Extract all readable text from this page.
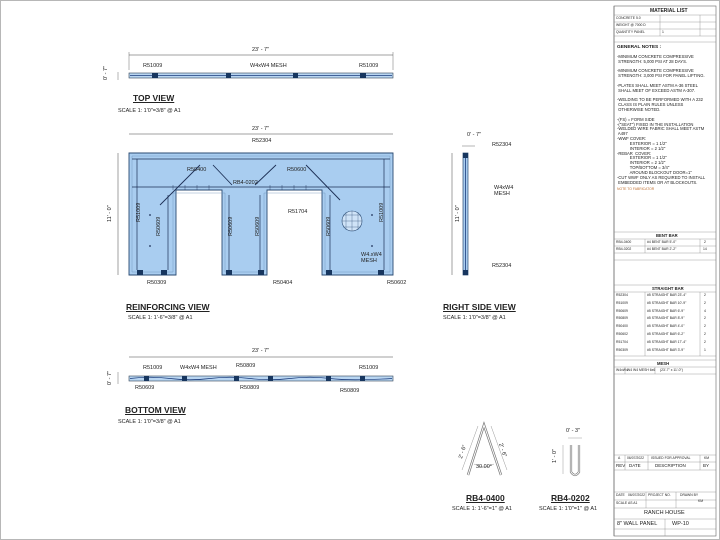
23' - 7"
0' - 7"	R51009	W4xW4 MESH	R51009
TOP VIEW
SCALE 1: 1'0"=3/8" @ A1
23' - 7"
11' - 0"
R52304
R50400
RB4-0202
R50600
R51704
R51009	R51009
R50609	R50609	R50609	R50609
W4.xW4
MESH
R50309	R50404	R50602
REINFORCING VIEW
SCALE 1: 1'-6"=3/8" @ A1
0' - 7"
11' - 0"
R52304
W4xW4
MESH
R52304
RIGHT SIDE VIEW
SCALE 1: 1'0"=3/8" @ A1
23' - 7"
0' - 7"
R51009	W4xW4 MESH	R50809	R51009
R50609	R50809	R50809
BOTTOM VIEW
SCALE 1: 1'0"=3/8" @ A1
2' - 6"	2' - 6"
30.00°
RB4-0400
SCALE 1: 1'-6"=1" @ A1
0' - 3"
1' - 0"
RB4-0202
SCALE 1: 1'0"=1" @ A1
MATERIAL LIST
CONCRETE 5.0
WEIGHT @ 7000 D
QUANTITY PANEL	1
GENERAL NOTES :
-MINIMUM CONCRETE COMPRESSIVE
STRENGTH: 5,000 PSI AT 28 DAYS.

-MINIMUM CONCRETE COMPRESSIVE
STRENGTH: 3,000 PSI FOR PANEL LIFTING.

-PLATES SHALL MEET ASTM A-36 STEEL
SHALL MEET OF EXCEED ASTM A-307.

-WELDING TO BE PERFORMED WITH A 232
CLASS IS PLAIN RULES UNLESS
OTHERWISE NOTED.

-(FS) = FORM SIDE
-("SEAT") FIXED IN THE INSTALLATION
-WELDED WIRE FABRIC SHALL MEET ASTM
A497
-WWF COVER:
EXTERIOR = 1 1/2"
INTERIOR = 2 1/2"
-REBAR  COVER:
EXTERIOR = 1 1/2"
INTERIOR = 2 1/2"
TOP/BOTTOM = 3/4"
AROUND BLOCKOUT DOOR=1"
-CUT WWF ONLY AS REQUIRED TO INSTALL
EMBEDDED ITEMS OR AT BLOCKOUTS.
NOTE TO FABRICATOR
BENT BAR
RB4-0400	#4 BENT BAR 5'-0"	2
RB4-0202	#4 BENT BAR 2'-2"	14
STRAIGHT BAR
R52304	#5 STRAIGHT BAR 23'-4"	2
R51009	#5 STRAIGHT BAR 10'-9"	2
R50609	#5 STRAIGHT BAR 6'-9"	4
R50809	#5 STRAIGHT BAR 8'-9"	2
R50400	#5 STRAIGHT BAR 4'-0"	2
R50602	#5 STRAIGHT BAR 6'-2"	2
R51704	#5 STRAIGHT BAR 17'-4"	2
R50309	#5 STRAIGHT BAR 3'-9"	1
MESH
W4xW4 W4 W4 MESH 6x6 (23'-7" x 11'-0")
A 06/07/2022 ISSUED FOR APPROVAL	KM
REV DATE	DESCRIPTION	BY
DATE 06/07/2022 PROJECT NO.	DRAWN BY
KM
SCALE AS A1
RANCH HOUSE
8" WALL PANEL	WP-10
